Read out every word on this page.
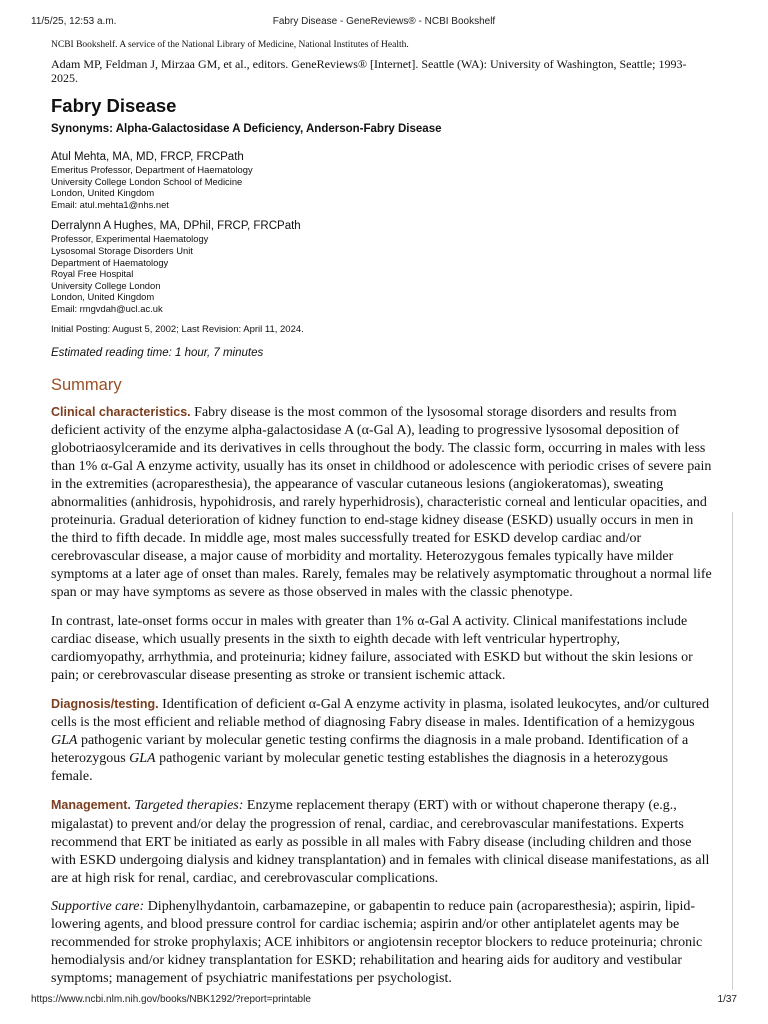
11/5/25, 12:53 a.m.	Fabry Disease - GeneReviews® - NCBI Bookshelf

NCBI Bookshelf. A service of the National Library of Medicine, National Institutes of Health.

Adam MP, Feldman J, Mirzaa GM, et al., editors. GeneReviews® [Internet]. Seattle (WA): University of Washington, Seattle; 1993-2025.

Fabry Disease

Synonyms: Alpha-Galactosidase A Deficiency, Anderson-Fabry Disease

Atul Mehta, MA, MD, FRCP, FRCPath
Emeritus Professor, Department of Haematology
University College London School of Medicine
London, United Kingdom
Email: atul.mehta1@nhs.net
Derralynn A Hughes, MA, DPhil, FRCP, FRCPath
Professor, Experimental Haematology
Lysosomal Storage Disorders Unit
Department of Haematology
Royal Free Hospital
University College London
London, United Kingdom
Email: rmgvdah@ucl.ac.uk

Initial Posting: August 5, 2002; Last Revision: April 11, 2024.

Estimated reading time: 1 hour, 7 minutes

Summary

Clinical characteristics. Fabry disease is the most common of the lysosomal storage disorders and results from deficient activity of the enzyme alpha-galactosidase A (α-Gal A), leading to progressive lysosomal deposition of globotriaosylceramide and its derivatives in cells throughout the body. The classic form, occurring in males with less than 1% α-Gal A enzyme activity, usually has its onset in childhood or adolescence with periodic crises of severe pain in the extremities (acroparesthesia), the appearance of vascular cutaneous lesions (angiokeratomas), sweating abnormalities (anhidrosis, hypohidrosis, and rarely hyperhidrosis), characteristic corneal and lenticular opacities, and proteinuria. Gradual deterioration of kidney function to end-stage kidney disease (ESKD) usually occurs in men in the third to fifth decade. In middle age, most males successfully treated for ESKD develop cardiac and/or cerebrovascular disease, a major cause of morbidity and mortality. Heterozygous females typically have milder symptoms at a later age of onset than males. Rarely, females may be relatively asymptomatic throughout a normal life span or may have symptoms as severe as those observed in males with the classic phenotype.

In contrast, late-onset forms occur in males with greater than 1% α-Gal A activity. Clinical manifestations include cardiac disease, which usually presents in the sixth to eighth decade with left ventricular hypertrophy, cardiomyopathy, arrhythmia, and proteinuria; kidney failure, associated with ESKD but without the skin lesions or pain; or cerebrovascular disease presenting as stroke or transient ischemic attack.

Diagnosis/testing. Identification of deficient α-Gal A enzyme activity in plasma, isolated leukocytes, and/or cultured cells is the most efficient and reliable method of diagnosing Fabry disease in males. Identification of a hemizygous GLA pathogenic variant by molecular genetic testing confirms the diagnosis in a male proband. Identification of a heterozygous GLA pathogenic variant by molecular genetic testing establishes the diagnosis in a heterozygous female.

Management. Targeted therapies: Enzyme replacement therapy (ERT) with or without chaperone therapy (e.g., migalastat) to prevent and/or delay the progression of renal, cardiac, and cerebrovascular manifestations. Experts recommend that ERT be initiated as early as possible in all males with Fabry disease (including children and those with ESKD undergoing dialysis and kidney transplantation) and in females with clinical disease manifestations, as all are at high risk for renal, cardiac, and cerebrovascular complications.

Supportive care: Diphenylhydantoin, carbamazepine, or gabapentin to reduce pain (acroparesthesia); aspirin, lipid-lowering agents, and blood pressure control for cardiac ischemia; aspirin and/or other antiplatelet agents may be recommended for stroke prophylaxis; ACE inhibitors or angiotensin receptor blockers to reduce proteinuria; chronic hemodialysis and/or kidney transplantation for ESKD; rehabilitation and hearing aids for auditory and vestibular symptoms; management of psychiatric manifestations per psychologist.

https://www.ncbi.nlm.nih.gov/books/NBK1292/?report=printable	1/37
